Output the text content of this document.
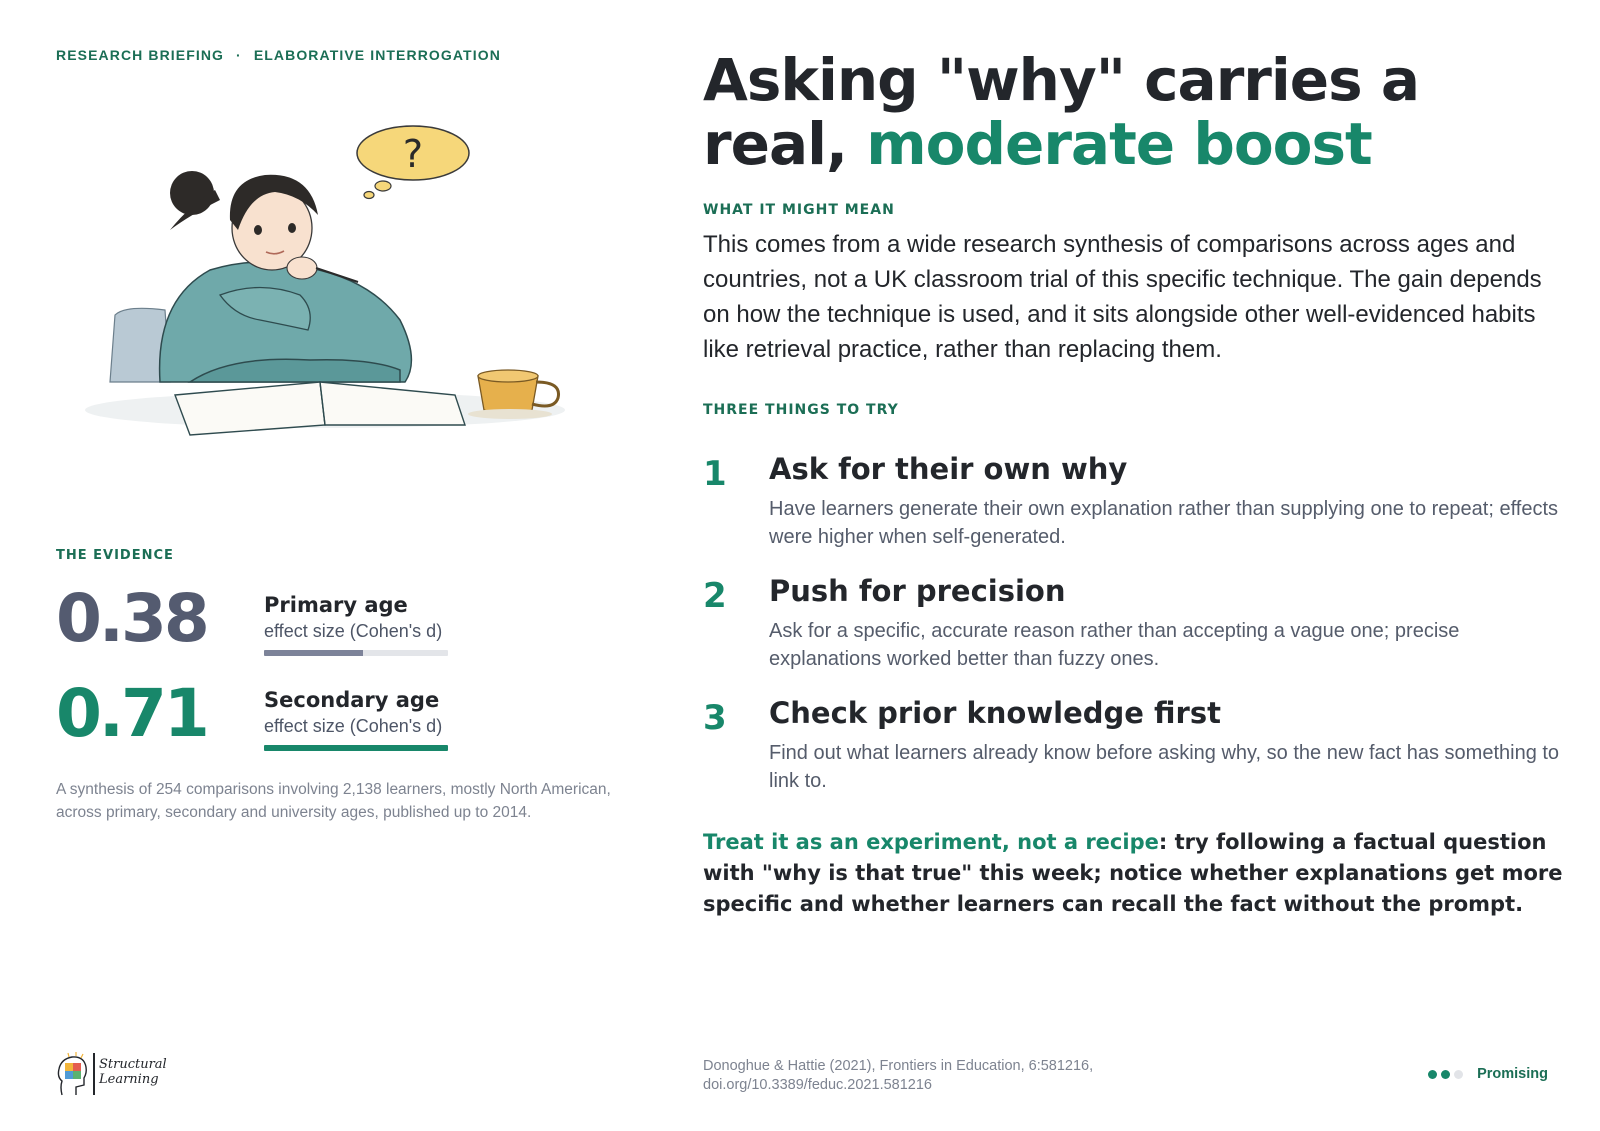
RESEARCH BRIEFING · ELABORATIVE INTERROGATION
?
THE EVIDENCE
0.38	Primary age
effect size (Cohen's d)
0.71	Secondary age
effect size (Cohen's d)

A synthesis of 254 comparisons involving 2,138 learners, mostly North American, across primary, secondary and university ages, published up to 2014.

Asking "why" carries a
real, moderate boost
WHAT IT MIGHT MEAN

This comes from a wide research synthesis of comparisons across ages and countries, not a UK classroom trial of this specific technique. The gain depends on how the technique is used, and it sits alongside other well-evidenced habits like retrieval practice, rather than replacing them.

THREE THINGS TO TRY
1 Ask for their own why

Have learners generate their own explanation rather than supplying one to repeat; effects were higher when self-generated.

2 Push for precision

Ask for a specific, accurate reason rather than accepting a vague one; precise explanations worked better than fuzzy ones.

3 Check prior knowledge first

Find out what learners already know before asking why, so the new fact has something to link to.

Treat it as an experiment, not a recipe: try following a factual question with "why is that true" this week; notice whether explanations get more specific and whether learners can recall the fact without the prompt.

Structural
Learning
Donoghue & Hattie (2021), Frontiers in Education, 6:581216,
doi.org/10.3389/feduc.2021.581216
Promising
